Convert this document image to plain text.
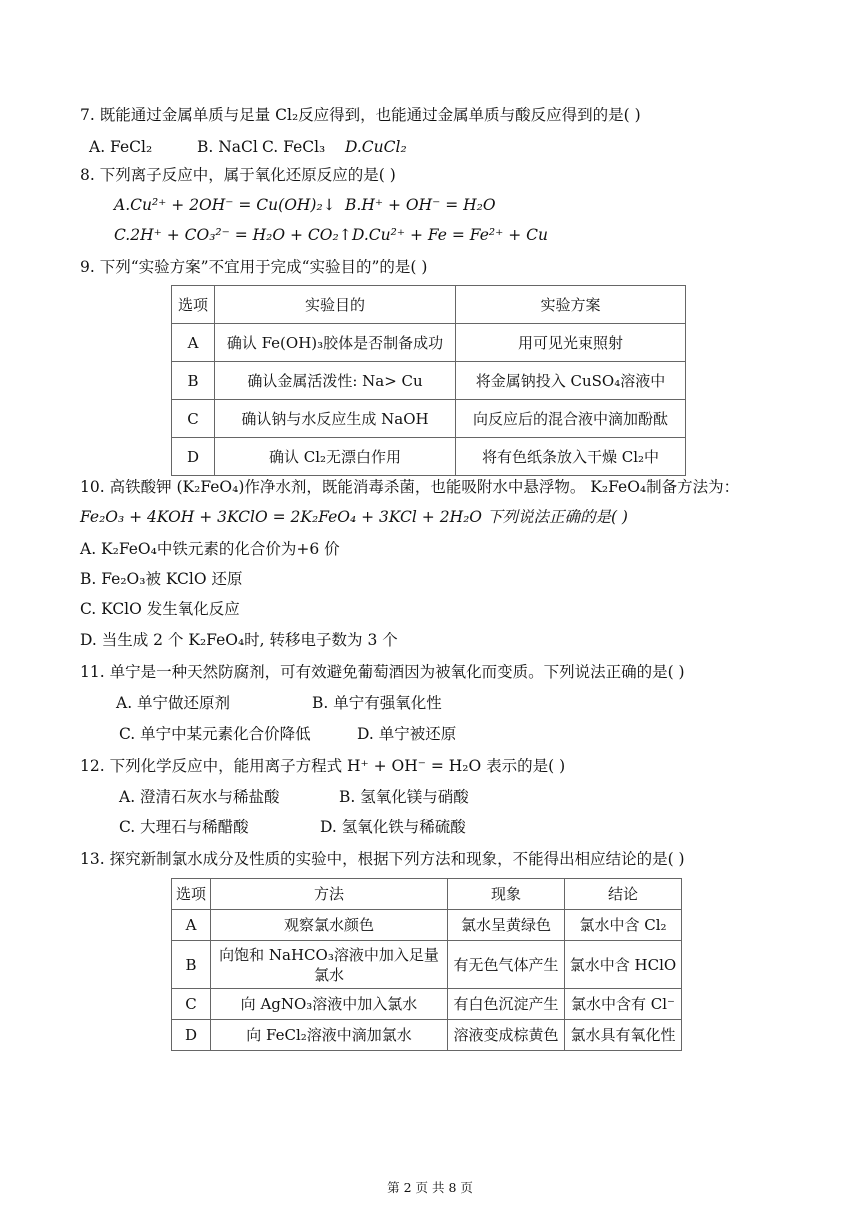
7. 既能通过金属单质与足量 Cl₂反应得到，也能通过金属单质与酸反应得到的是( )
A. FeCl₂	B. NaCl C. FeCl₃ D.CuCl₂
8. 下列离子反应中，属于氧化还原反应的是( )
A.Cu²⁺ + 2OH⁻ = Cu(OH)₂↓ B.H⁺ + OH⁻ = H₂O
C.2H⁺ + CO₃²⁻ = H₂O + CO₂↑ D.Cu²⁺ + Fe = Fe²⁺ + Cu
9. 下列“实验方案”不宜用于完成“实验目的”的是( )
选项	实验目的	实验方案
A	确认 Fe(OH)₃胶体是否制备成功	用可见光束照射
B	确认金属活泼性: Na> Cu	将金属钠投入 CuSO₄溶液中
C	确认钠与水反应生成 NaOH	向反应后的混合液中滴加酚酞
D	确认 Cl₂无漂白作用	将有色纸条放入干燥 Cl₂中
10. 高铁酸钾 (K₂FeO₄)作净水剂，既能消毒杀菌，也能吸附水中悬浮物。 K₂FeO₄制备方法为：
Fe₂O₃ + 4KOH + 3KClO = 2K₂FeO₄ + 3KCl + 2H₂O 下列说法正确的是( )
A. K₂FeO₄中铁元素的化合价为+6 价
B. Fe₂O₃被 KClO 还原
C. KClO 发生氧化反应
D. 当生成 2 个 K₂FeO₄时, 转移电子数为 3 个
11. 单宁是一种天然防腐剂，可有效避免葡萄酒因为被氧化而变质。下列说法正确的是( )
A. 单宁做还原剂	B. 单宁有强氧化性
C. 单宁中某元素化合价降低	D. 单宁被还原
12. 下列化学反应中，能用离子方程式 H⁺ + OH⁻ = H₂O 表示的是( )
A. 澄清石灰水与稀盐酸	B. 氢氧化镁与硝酸
C. 大理石与稀醋酸	D. 氢氧化铁与稀硫酸
13. 探究新制氯水成分及性质的实验中，根据下列方法和现象，不能得出相应结论的是( )
选项	方法	现象	结论
A	观察氯水颜色	氯水呈黄绿色	氯水中含 Cl₂
B	向饱和 NaHCO₃溶液中加入足量氯水	有无色气体产生	氯水中含 HClO
C	向 AgNO₃溶液中加入氯水	有白色沉淀产生	氯水中含有 Cl⁻
D	向 FeCl₂溶液中滴加氯水	溶液变成棕黄色	氯水具有氧化性
第 2 页 共 8 页
